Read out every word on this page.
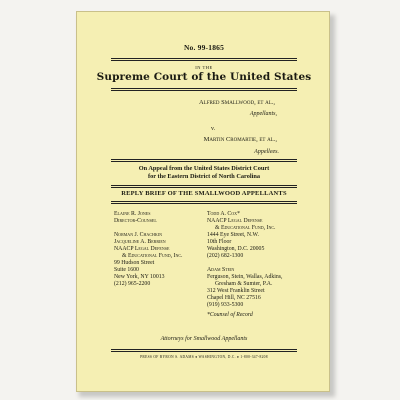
No. 99-1865
IN THE
Supreme Court of the United States
Alfred Smallwood, et al.,
Appellants,
v.
Martin Cromartie, et al.,
Appellees.
On Appeal from the United States District Court
for the Eastern District of North Carolina
REPLY BRIEF OF THE SMALLWOOD APPELLANTS
Elaine R. Jones
Director-Counsel
Norman J. Chachkin
Jacqueline A. Berrien
NAACP Legal Defense
& Educational Fund, Inc.
99 Hudson Street
Suite 1600
New York, NY 10013
(212) 965-2200
Todd A. Cox*
NAACP Legal Defense
& Educational Fund, Inc.
1444 Eye Street, N.W.
10th Floor
Washington, D.C. 20005
(202) 682-1300
Adam Stein
Ferguson, Stein, Wallas, Adkins,
Gresham & Sumter, P.A.
312 West Franklin Street
Chapel Hill, NC 27516
(919) 933-5300
*Counsel of Record
Attorneys for Smallwood Appellants
PRESS OF BYRON S. ADAMS ♦ WASHINGTON, D.C. ♦ 1-800-347-8208
